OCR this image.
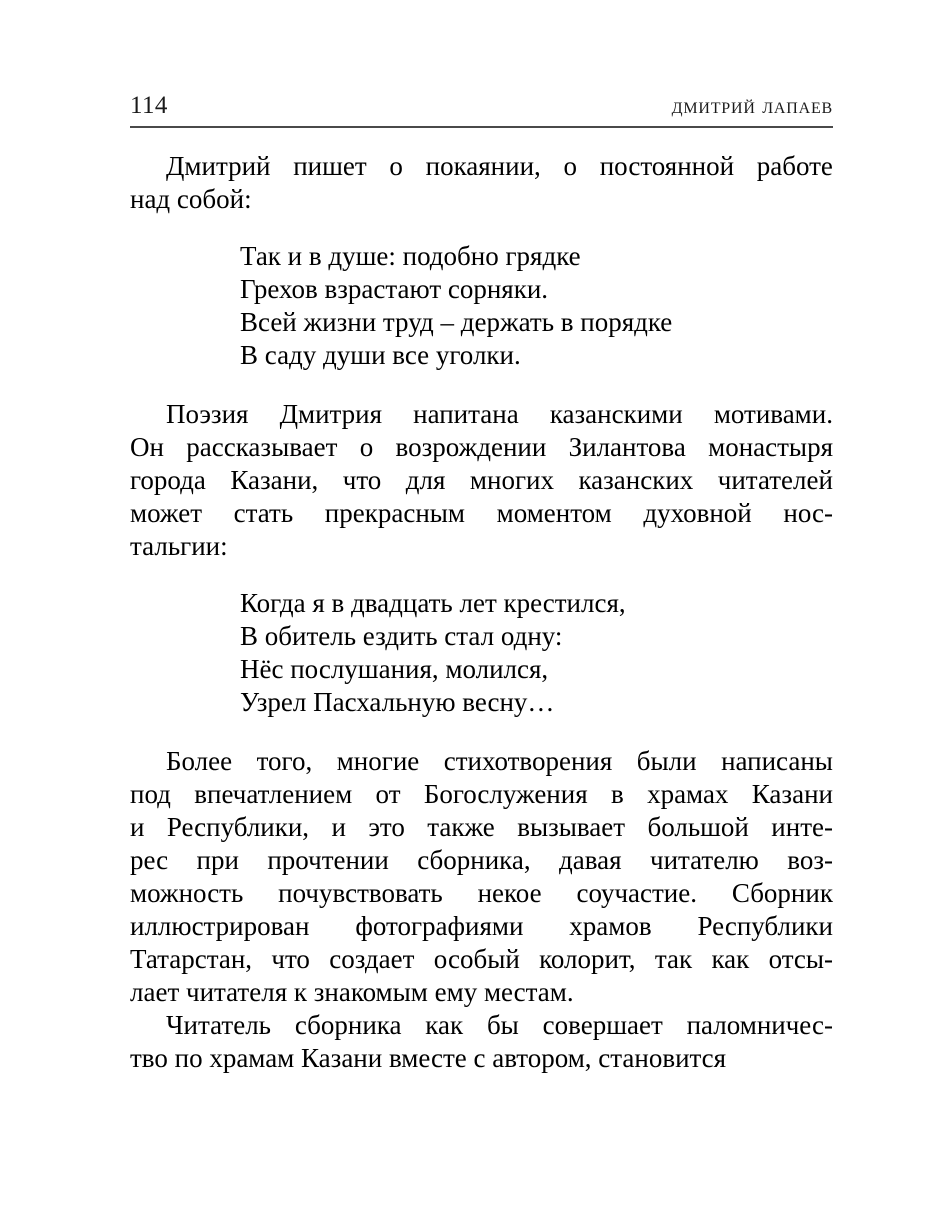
114	дмитрий лапаев
Дмитрий пишет о покаянии, о постоянной работе
над собой:
Так и в душе: подобно грядке
Грехов взрастают сорняки.
Всей жизни труд – держать в порядке
В саду души все уголки.
Поэзия Дмитрия напитана казанскими мотивами.
Он рассказывает о возрождении Зилантова монастыря
города Казани, что для многих казанских читателей
может стать прекрасным моментом духовной нос-
тальгии:
Когда я в двадцать лет крестился,
В обитель ездить стал одну:
Нёс послушания, молился,
Узрел Пасхальную весну…
Более того, многие стихотворения были написаны
под впечатлением от Богослужения в храмах Казани
и Республики, и это также вызывает большой инте-
рес при прочтении сборника, давая читателю воз-
можность почувствовать некое соучастие. Сборник
иллюстрирован фотографиями храмов Республики
Татарстан, что создает особый колорит, так как отсы-
лает читателя к знакомым ему местам.
Читатель сборника как бы совершает паломничес-
тво по храмам Казани вместе с автором, становится
